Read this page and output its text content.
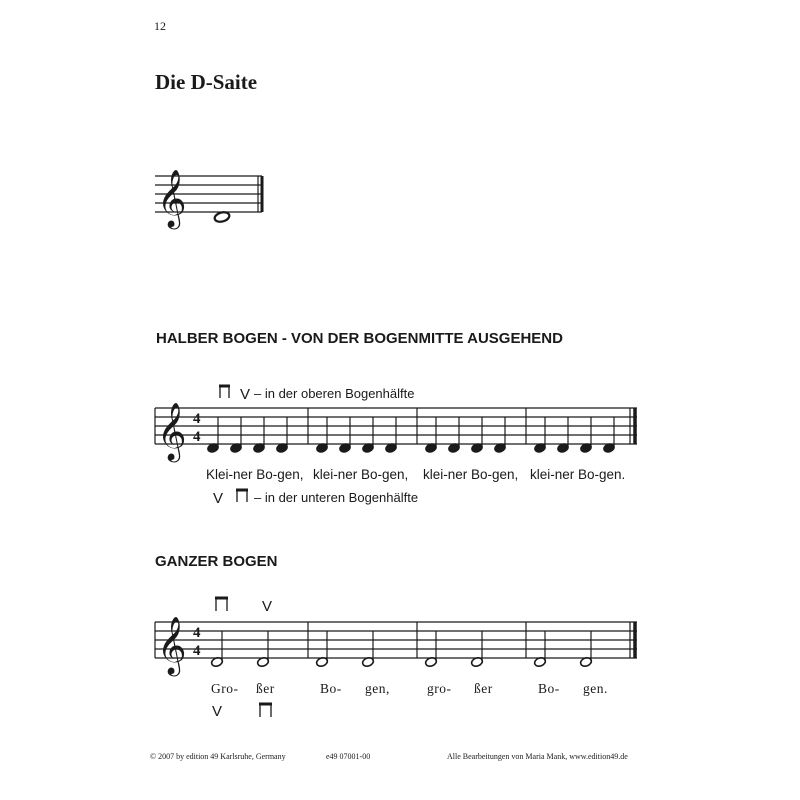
12
Die D-Saite
𝄞
HALBER BOGEN - VON DER BOGENMITTE AUSGEHEND
𝄞 4
4
V
V
– in der oberen Bogenhälfte
– in der unteren Bogenhälfte
Klei-ner Bo-gen, klei-ner Bo-gen, klei-ner Bo-gen, klei-ner Bo-gen.
GANZER BOGEN
𝄞 4
4
V
V
Gro- ßer	Bo- gen,	gro- ßer	Bo- gen.
© 2007 by edition 49 Karlsruhe, Germany	e49 07001-00	Alle Bearbeitungen von Maria Mank, www.edition49.de
